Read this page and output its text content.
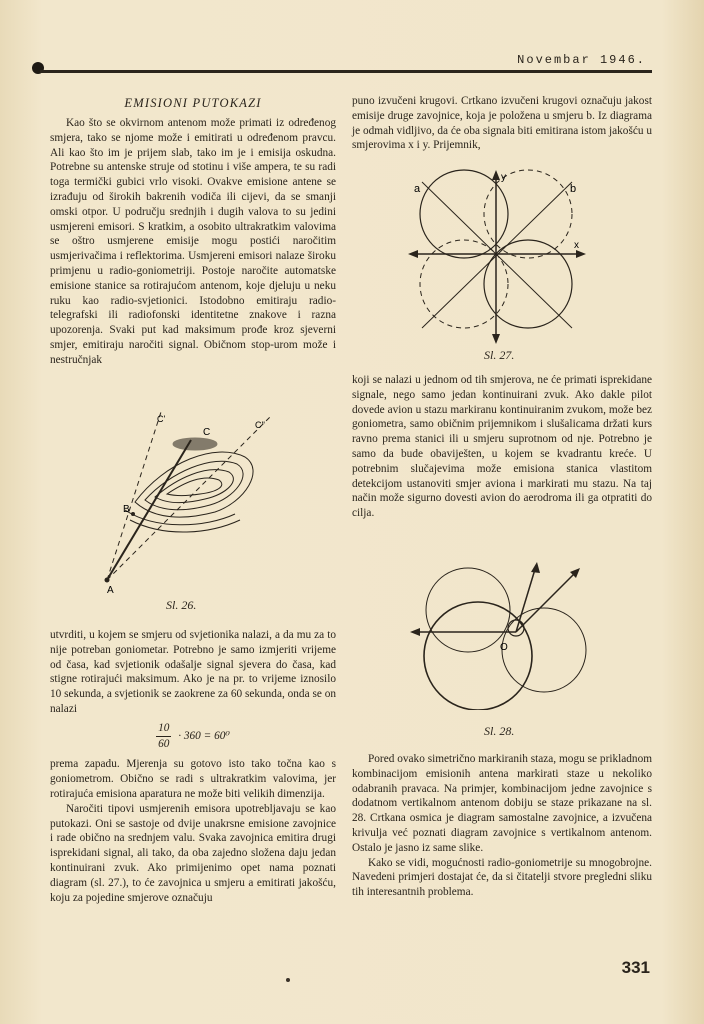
Novembar 1946.
EMISIONI PUTOKAZI

Kao što se okvirnom antenom može primati iz određenog smjera, tako se njome može i emitirati u određenom pravcu. Ali kao što im je prijem slab, tako im je i emisija oskudna. Potrebne su antenske struje od stotinu i više ampera, te su radi toga termički gubici vrlo visoki. Ovakve emisione antene se izrađuju od širokih bakrenih vodiča ili cijevi, da se smanji omski otpor. U području srednjih i dugih valova to su jedini usmjereni emisori. S kratkim, a osobito ultrakratkim valovima se oštro usmjerene emisije mogu postići naročitim usmjerivačima i reflektorima. Usmjereni emisori nalaze široku primjenu u radio-goniometriji. Postoje naročite automatske emisione stanice sa rotirajućom antenom, koje djeluju u neku ruku kao radio-svjetionici. Istodobno emitiraju radio-telegrafski ili radiofonski identitetne znakove i razna upozorenja. Svaki put kad maksimum prođe kroz sjeverni smjer, emitiraju naročiti signal. Običnom stop-urom može i nestručnjak

A
B
C
C'
C''
Sl. 26.

utvrditi, u kojem se smjeru od svjetionika nalazi, a da mu za to nije potreban goniometar. Potrebno je samo izmjeriti vrijeme od časa, kad svjetionik odašalje signal sjevera do časa, kad stigne rotirajući maksimum. Ako je na pr. to vrijeme iznosilo 10 sekunda, a svjetionik se zaokrene za 60 sekunda, onda se on nalazi

$\frac{10}{60} \cdot 360 = 60^0$

prema zapadu. Mjerenja su gotovo isto tako točna kao s goniometrom. Obično se radi s ultrakratkim valovima, jer rotirajuća emisiona aparatura ne može biti velikih dimenzija.

Naročiti tipovi usmjerenih emisora upotrebljavaju se kao putokazi. Oni se sastoje od dvije unakrsne emisione zavojnice i rade obično na srednjem valu. Svaka zavojnica emitira drugi isprekidani signal, ali tako, da oba zajedno složena daju jedan kontinuirani zvuk. Ako primijenimo opet nama poznati diagram (sl. 27.), to će zavojnica u smjeru a emitirati jakošću, koju za pojedine smjerove označuju

puno izvučeni krugovi. Crtkano izvučeni krugovi označuju jakost emisije druge zavojnice, koja je položena u smjeru b. Iz diagrama je odmah vidljivo, da će oba signala biti emitirana istom jakošću u smjerovima x i y. Prijemnik,

a	b
x
y
Sl. 27.

koji se nalazi u jednom od tih smjerova, ne će primati isprekidane signale, nego samo jedan kontinuirani zvuk. Ako dakle pilot dovede avion u stazu markiranu kontinuiranim zvukom, može bez goniometra, samo običnim prijemnikom i slušalicama držati kurs ravno prema stanici ili u smjeru suprotnom od nje. Potrebno je samo da bude obaviješten, u kojem se kvadrantu kreće. U potrebnim slučajevima može emisiona stanica vlastitom detekcijom ustanoviti smjer aviona i markirati mu stazu. Na taj način može sigurno dovesti avion do aerodroma ili ga otpratiti do cilja.

O
Sl. 28.

Pored ovako simetrično markiranih staza, mogu se prikladnom kombinacijom emisionih antena markirati staze u nekoliko odabranih pravaca. Na primjer, kombinacijom jedne zavojnice s dodatnom vertikalnom antenom dobiju se staze prikazane na sl. 28. Crtkana osmica je diagram samostalne zavojnice, a izvučena krivulja već poznati diagram zavojnice s vertikalnom antenom. Ostalo je jasno iz same slike.

Kako se vidi, mogućnosti radio-goniometrije su mnogobrojne. Navedeni primjeri dostajat će, da si čitatelji stvore pregledni sliku tih interesantnih problema.

331
